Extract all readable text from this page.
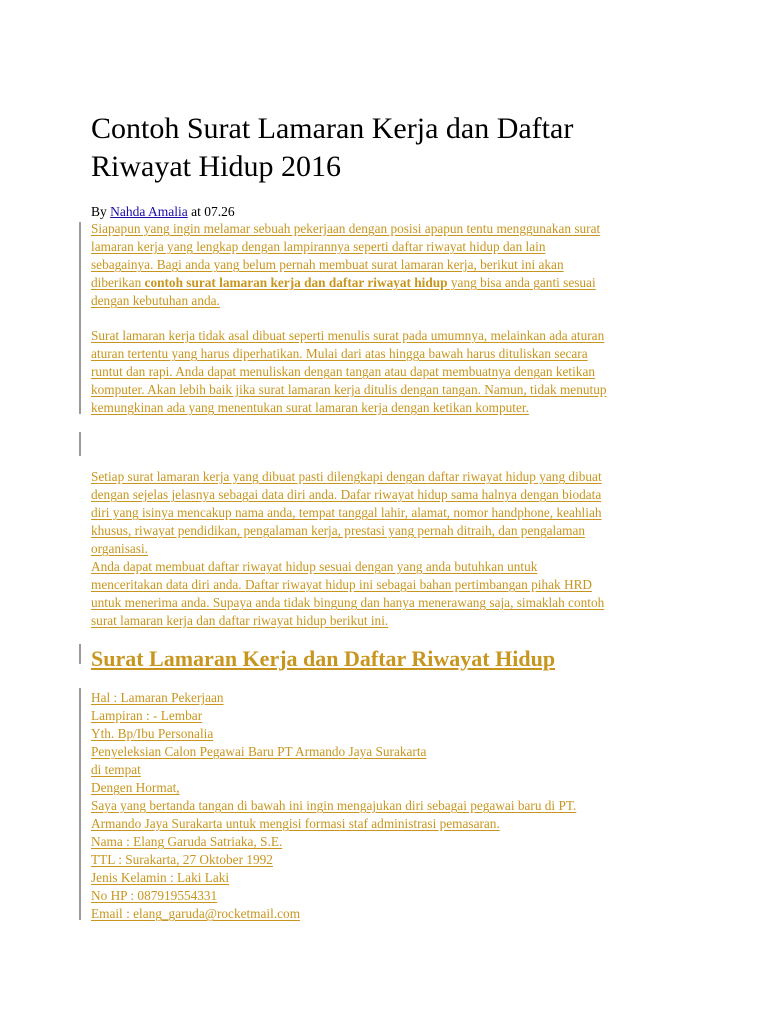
Contoh Surat Lamaran Kerja dan Daftar
Riwayat Hidup 2016
By Nahda Amalia at 07.26
Siapapun yang ingin melamar sebuah pekerjaan dengan posisi apapun tentu menggunakan surat
lamaran kerja yang lengkap dengan lampirannya seperti daftar riwayat hidup dan lain
sebagainya. Bagi anda yang belum pernah membuat surat lamaran kerja, berikut ini akan
diberikan contoh surat lamaran kerja dan daftar riwayat hidup yang bisa anda ganti sesuai
dengan kebutuhan anda.
Surat lamaran kerja tidak asal dibuat seperti menulis surat pada umumnya, melainkan ada aturan
aturan tertentu yang harus diperhatikan. Mulai dari atas hingga bawah harus dituliskan secara
runtut dan rapi. Anda dapat menuliskan dengan tangan atau dapat membuatnya dengan ketikan
komputer. Akan lebih baik jika surat lamaran kerja ditulis dengan tangan. Namun, tidak menutup
kemungkinan ada yang menentukan surat lamaran kerja dengan ketikan komputer.
Setiap surat lamaran kerja yang dibuat pasti dilengkapi dengan daftar riwayat hidup yang dibuat
dengan sejelas jelasnya sebagai data diri anda. Dafar riwayat hidup sama halnya dengan biodata
diri yang isinya mencakup nama anda, tempat tanggal lahir, alamat, nomor handphone, keahliah
khusus, riwayat pendidikan, pengalaman kerja, prestasi yang pernah ditraih, dan pengalaman
organisasi.
Anda dapat membuat daftar riwayat hidup sesuai dengan yang anda butuhkan untuk
menceritakan data diri anda. Daftar riwayat hidup ini sebagai bahan pertimbangan pihak HRD
untuk menerima anda. Supaya anda tidak bingung dan hanya menerawang saja, simaklah contoh
surat lamaran kerja dan daftar riwayat hidup berikut ini.
Surat Lamaran Kerja dan Daftar Riwayat Hidup
Hal : Lamaran Pekerjaan
Lampiran : - Lembar
Yth. Bp/Ibu Personalia
Penyeleksian Calon Pegawai Baru PT Armando Jaya Surakarta
di tempat
Dengen Hormat,
Saya yang bertanda tangan di bawah ini ingin mengajukan diri sebagai pegawai baru di PT.
Armando Jaya Surakarta untuk mengisi formasi staf administrasi pemasaran.
Nama : Elang Garuda Satriaka, S.E.
TTL : Surakarta, 27 Oktober 1992
Jenis Kelamin : Laki Laki
No HP : 087919554331
Email : elang_garuda@rocketmail.com
